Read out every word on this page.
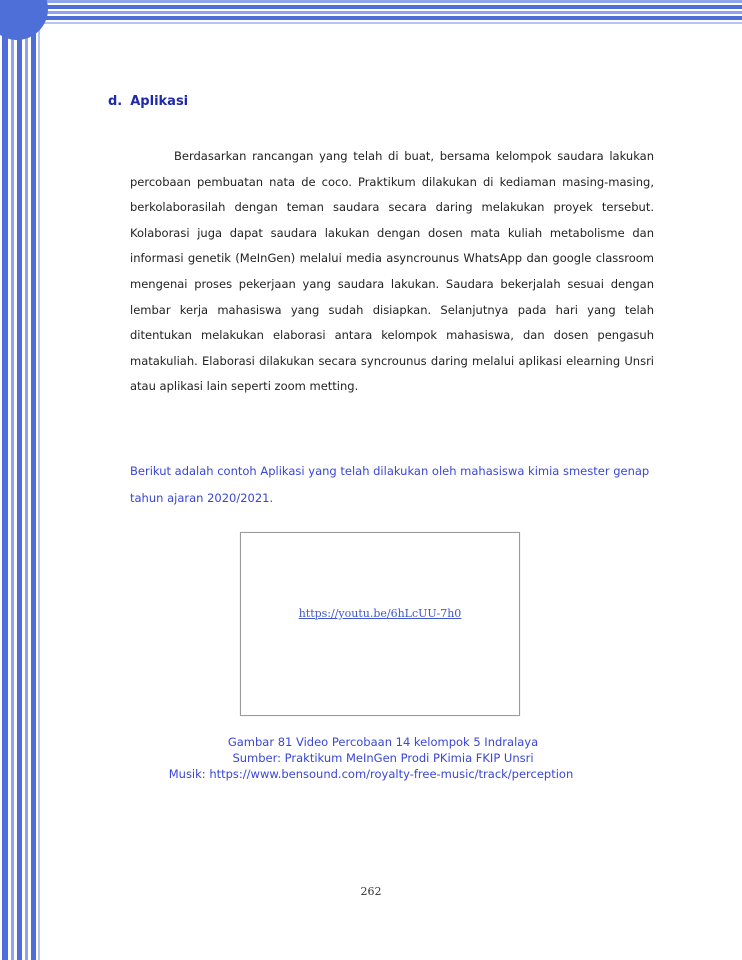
d. Aplikasi

Berdasarkan rancangan yang telah di buat, bersama kelompok saudara lakukan percobaan pembuatan nata de coco. Praktikum dilakukan di kediaman masing-masing, berkolaborasilah dengan teman saudara secara daring melakukan proyek tersebut. Kolaborasi juga dapat saudara lakukan dengan dosen mata kuliah metabolisme dan informasi genetik (MeInGen) melalui media asyncrounus WhatsApp dan google classroom mengenai proses pekerjaan yang saudara lakukan. Saudara bekerjalah sesuai dengan lembar kerja mahasiswa yang sudah disiapkan. Selanjutnya pada hari yang telah ditentukan melakukan elaborasi antara kelompok mahasiswa, dan dosen pengasuh matakuliah. Elaborasi dilakukan secara syncrounus daring melalui aplikasi elearning Unsri atau aplikasi lain seperti zoom metting.

Berikut adalah contoh Aplikasi yang telah dilakukan oleh mahasiswa kimia smester genap tahun ajaran 2020/2021.

https://youtu.be/6hLcUU-7h0
Gambar 81 Video Percobaan 14 kelompok 5 Indralaya
Sumber: Praktikum MeInGen Prodi PKimia FKIP Unsri
Musik: https://www.bensound.com/royalty-free-music/track/perception
262
